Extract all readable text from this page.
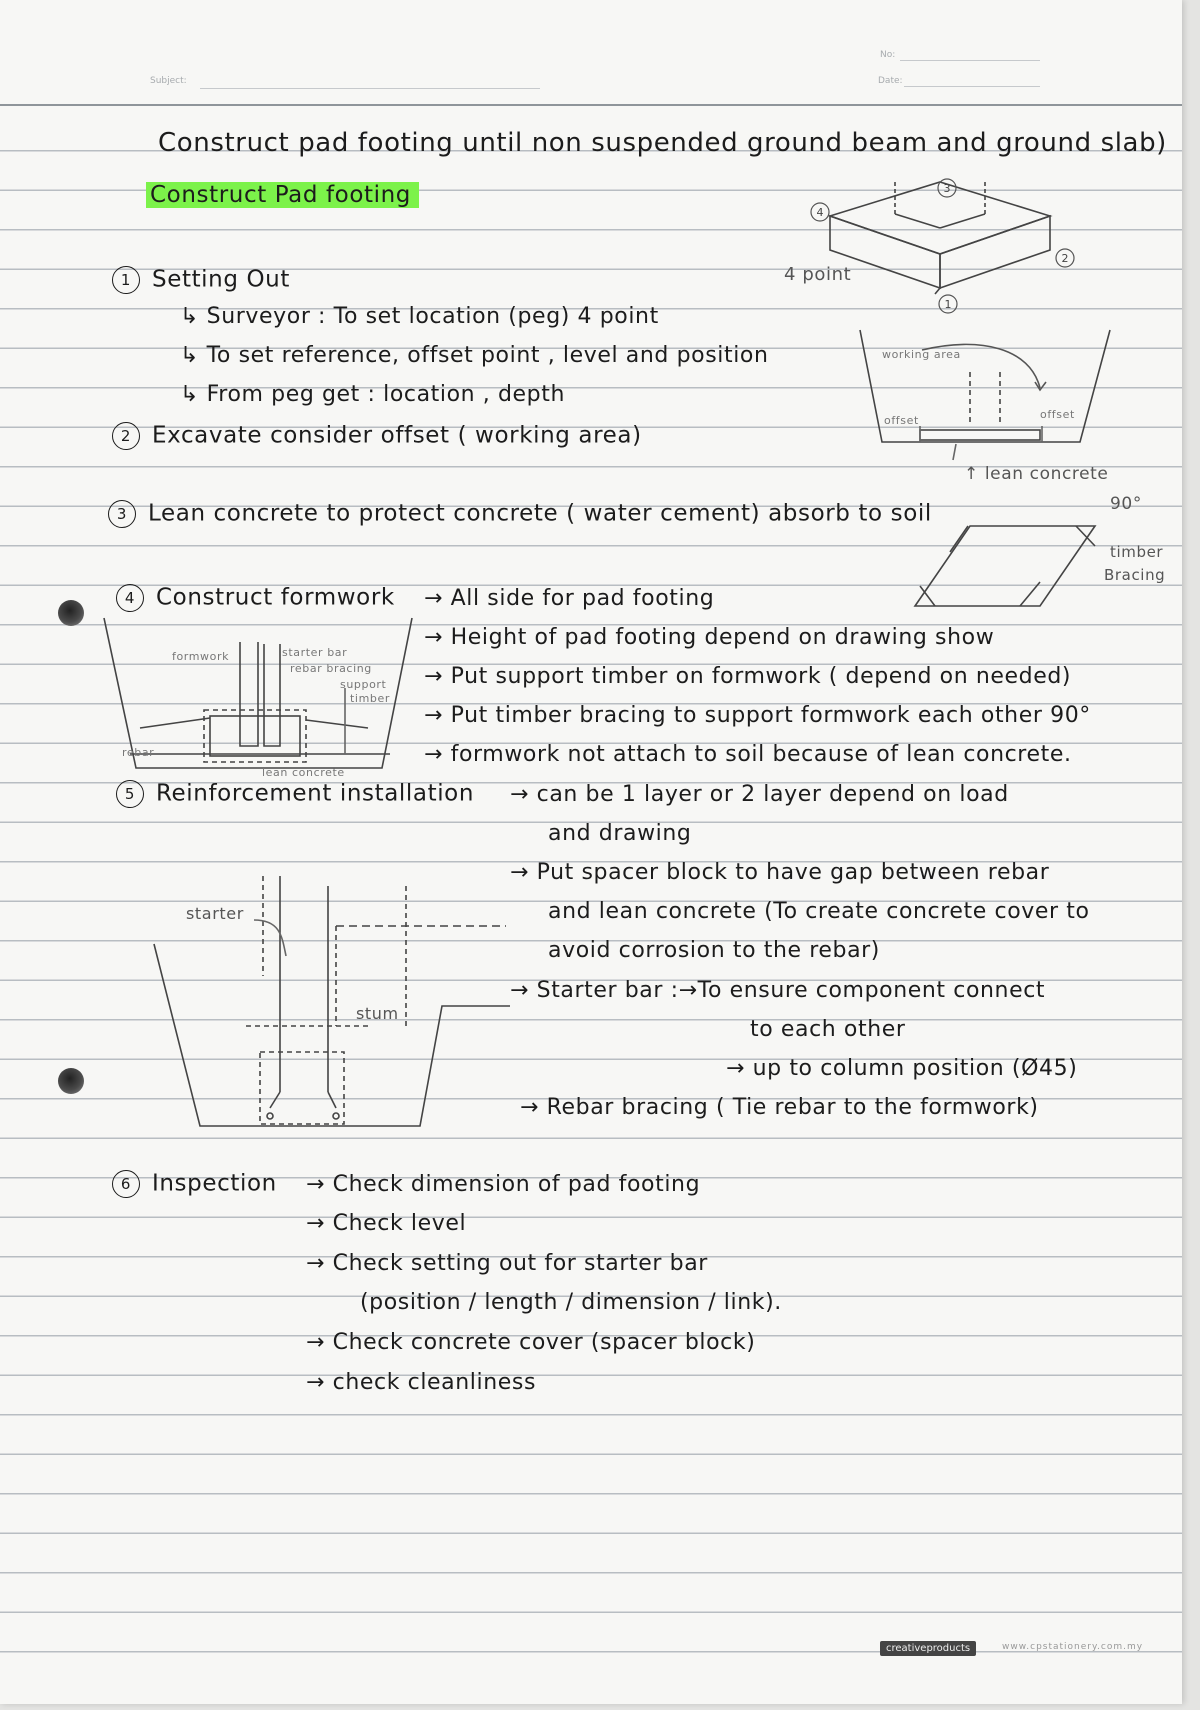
Subject:
No:
Date:
Construct pad footing until non suspended ground beam and ground slab)
Construct Pad footing
1 Setting Out
↳ Surveyor : To set location (peg) 4 point
↳ To set reference, offset point , level and position
↳ From peg get : location , depth
2 Excavate consider offset ( working area)
3 Lean concrete to protect concrete ( water cement) absorb to soil
4 Construct formwork → All side for pad footing
→ Height of pad footing depend on drawing show
→ Put support timber on formwork ( depend on needed)
→ Put timber bracing to support formwork each other 90°
→ formwork not attach to soil because of lean concrete.
5 Reinforcement installation → can be 1 layer or 2 layer depend on load
and drawing
→ Put spacer block to have gap between rebar
and lean concrete (To create concrete cover to
avoid corrosion to the rebar)
→ Starter bar :→To ensure component connect
to each other
→ up to column position (Ø45)
→ Rebar bracing ( Tie rebar to the formwork)
6 Inspection → Check dimension of pad footing
→ Check level
→ Check setting out for starter bar
(position / length / dimension / link).
→ Check concrete cover (spacer block)
→ check cleanliness
4
3
2
1
4 point
working area
offset	offset
↑ lean concrete
90°
timber
Bracing
formwork	starter bar
rebar bracing
support
timber
rebar
lean concrete
starter
stum
creativeproducts	www.cpstationery.com.my
